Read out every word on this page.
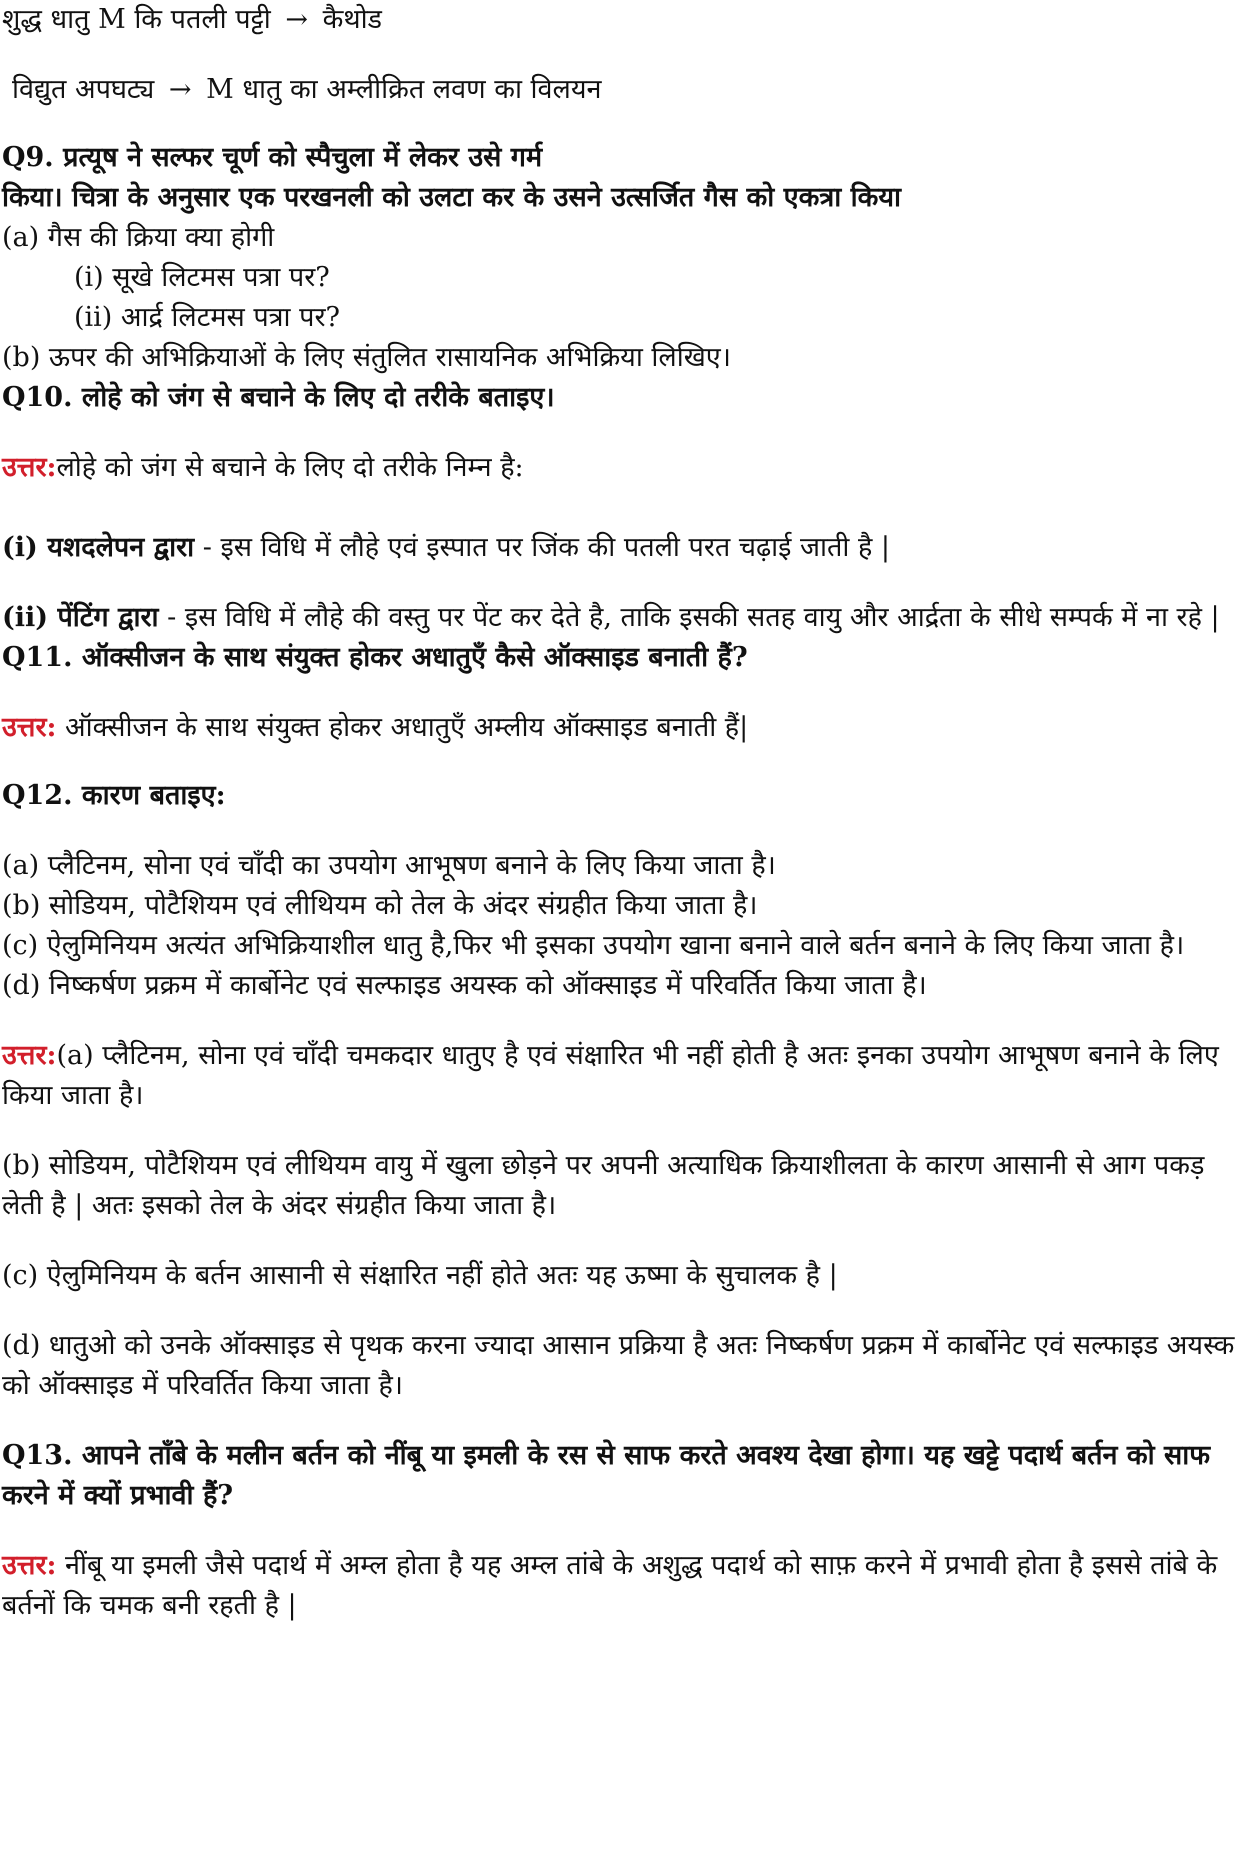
शुद्ध धातु M कि पतली पट्टी → कैथोड

विद्युत अपघट्य → M धातु का अम्लीक्रित लवण का विलयन

Q9. प्रत्यूष ने सल्फर चूर्ण को स्पैचुला में लेकर उसे गर्म

किया। चित्रा के अनुसार एक परखनली को उलटा कर के उसने उत्सर्जित गैस को एकत्रा किया

(a) गैस की क्रिया क्या होगी

(i) सूखे लिटमस पत्रा पर?

(ii) आर्द्र लिटमस पत्रा पर?

(b) ऊपर की अभिक्रियाओं के लिए संतुलित रासायनिक अभिक्रिया लिखिए।

Q10. लोहे को जंग से बचाने के लिए दो तरीके बताइए।

उत्तर:लोहे को जंग से बचाने के लिए दो तरीके निम्न है:

(i) यशदलेपन द्वारा - इस विधि में लौहे एवं इस्पात पर जिंक की पतली परत चढ़ाई जाती है |

(ii) पेंटिंग द्वारा - इस विधि में लौहे की वस्तु पर पेंट कर देते है, ताकि इसकी सतह वायु और आर्द्रता के सीधे सम्पर्क में ना रहे |

Q11. ऑक्सीजन के साथ संयुक्त होकर अधातुएँ कैसे ऑक्साइड बनाती हैं?

उत्तर: ऑक्सीजन के साथ संयुक्त होकर अधातुएँ अम्लीय ऑक्साइड बनाती हैं|

Q12. कारण बताइए:

(a) प्लैटिनम, सोना एवं चाँदी का उपयोग आभूषण बनाने के लिए किया जाता है।

(b) सोडियम, पोटैशियम एवं लीथियम को तेल के अंदर संग्रहीत किया जाता है।

(c) ऐलुमिनियम अत्यंत अभिक्रियाशील धातु है,फिर भी इसका उपयोग खाना बनाने वाले बर्तन बनाने के लिए किया जाता है।

(d) निष्कर्षण प्रक्रम में कार्बोनेट एवं सल्फाइड अयस्क को ऑक्साइड में परिवर्तित किया जाता है।

उत्तर:(a) प्लैटिनम, सोना एवं चाँदी चमकदार धातुए है एवं संक्षारित भी नहीं होती है अतः इनका उपयोग आभूषण बनाने के लिए किया जाता है।

(b) सोडियम, पोटैशियम एवं लीथियम वायु में खुला छोड़ने पर अपनी अत्याधिक क्रियाशीलता के कारण आसानी से आग पकड़ लेती है | अतः इसको तेल के अंदर संग्रहीत किया जाता है।

(c) ऐलुमिनियम के बर्तन आसानी से संक्षारित नहीं होते अतः यह ऊष्मा के सुचालक है |

(d) धातुओ को उनके ऑक्साइड से पृथक करना ज्यादा आसान प्रक्रिया है अतः निष्कर्षण प्रक्रम में कार्बोनेट एवं सल्फाइड अयस्क को ऑक्साइड में परिवर्तित किया जाता है।

Q13. आपने ताँबे के मलीन बर्तन को नींबू या इमली के रस से साफ करते अवश्य देखा होगा। यह खट्टे पदार्थ बर्तन को साफ करने में क्यों प्रभावी हैं?

उत्तर: नींबू या इमली जैसे पदार्थ में अम्ल होता है यह अम्ल तांबे के अशुद्ध पदार्थ को साफ़ करने में प्रभावी होता है इससे तांबे के बर्तनों कि चमक बनी रहती है |
